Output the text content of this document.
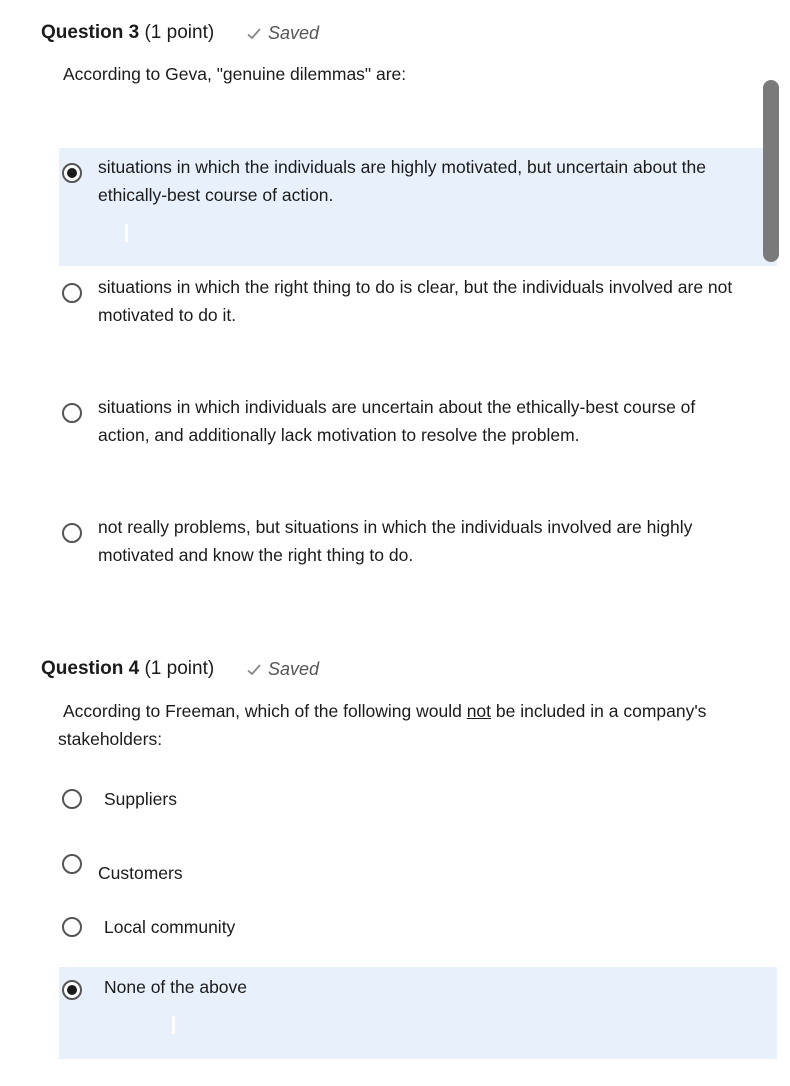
Question 3 (1 point)	Saved
According to Geva, "genuine dilemmas" are:
situations in which the individuals are highly motivated, but uncertain about the ethically-best course of action.
situations in which the right thing to do is clear, but the individuals involved are not motivated to do it.
situations in which individuals are uncertain about the ethically-best course of action, and additionally lack motivation to resolve the problem.
not really problems, but situations in which the individuals involved are highly motivated and know the right thing to do.
Question 4 (1 point)	Saved
According to Freeman, which of the following would not be included in a company's stakeholders:
Suppliers
Customers
Local community
None of the above
